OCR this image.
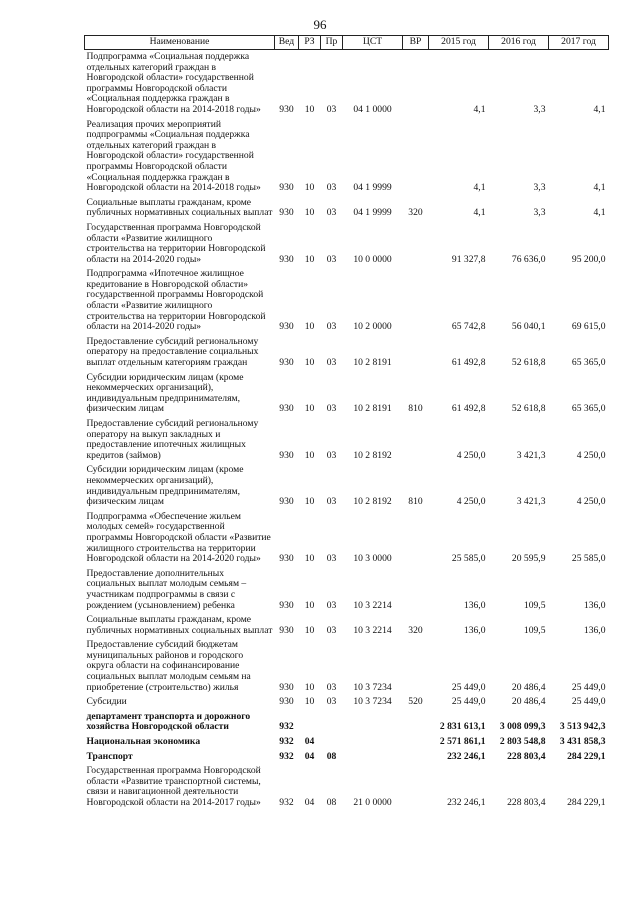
96
Наименование	Вед	РЗ	Пр	ЦСТ	ВР	2015 год	2016 год	2017 год
Подпрограмма «Социальная поддержка отдельных категорий граждан в Новгородской области» государственной программы Новгородской области «Социальная поддержка граждан в Новгородской области на 2014-2018 годы»	930	10	03	04 1 0000		4,1	3,3	4,1
Реализация прочих мероприятий подпрограммы «Социальная поддержка отдельных категорий граждан в Новгородской области» государственной программы Новгородской области «Социальная поддержка граждан в Новгородской области на 2014-2018 годы»	930	10	03	04 1 9999		4,1	3,3	4,1
Социальные выплаты гражданам, кроме публичных нормативных социальных выплат	930	10	03	04 1 9999	320	4,1	3,3	4,1
Государственная программа Новгородской области «Развитие жилищного строительства на территории Новгородской области на 2014-2020 годы»	930	10	03	10 0 0000		91 327,8	76 636,0	95 200,0
Подпрограмма «Ипотечное жилищное кредитование в Новгородской области» государственной программы Новгородской области «Развитие жилищного строительства на территории Новгородской области на 2014-2020 годы»	930	10	03	10 2 0000		65 742,8	56 040,1	69 615,0
Предоставление субсидий региональному оператору на предоставление социальных выплат отдельным категориям граждан	930	10	03	10 2 8191		61 492,8	52 618,8	65 365,0
Субсидии юридическим лицам (кроме некоммерческих организаций), индивидуальным предпринимателям, физическим лицам	930	10	03	10 2 8191	810	61 492,8	52 618,8	65 365,0
Предоставление субсидий региональному оператору на выкуп закладных и предоставление ипотечных жилищных кредитов (займов)	930	10	03	10 2 8192		4 250,0	3 421,3	4 250,0
Субсидии юридическим лицам (кроме некоммерческих организаций), индивидуальным предпринимателям, физическим лицам	930	10	03	10 2 8192	810	4 250,0	3 421,3	4 250,0
Подпрограмма «Обеспечение жильем молодых семей» государственной программы Новгородской области «Развитие жилищного строительства на территории Новгородской области на 2014-2020 годы»	930	10	03	10 3 0000		25 585,0	20 595,9	25 585,0
Предоставление дополнительных социальных выплат молодым семьям – участникам подпрограммы в связи с рождением (усыновлением) ребенка	930	10	03	10 3 2214		136,0	109,5	136,0
Социальные выплаты гражданам, кроме публичных нормативных социальных выплат	930	10	03	10 3 2214	320	136,0	109,5	136,0
Предоставление субсидий бюджетам муниципальных районов и городского округа области на софинансирование социальных выплат молодым семьям на приобретение (строительство) жилья	930	10	03	10 3 7234		25 449,0	20 486,4	25 449,0
Субсидии	930	10	03	10 3 7234	520	25 449,0	20 486,4	25 449,0
департамент транспорта и дорожного хозяйства Новгородской области	932					2 831 613,1	3 008 099,3	3 513 942,3
Национальная экономика	932	04				2 571 861,1	2 803 548,8	3 431 858,3
Транспорт	932	04	08			232 246,1	228 803,4	284 229,1
Государственная программа Новгородской области «Развитие транспортной системы, связи и навигационной деятельности Новгородской области на 2014-2017 годы»	932	04	08	21 0 0000		232 246,1	228 803,4	284 229,1
